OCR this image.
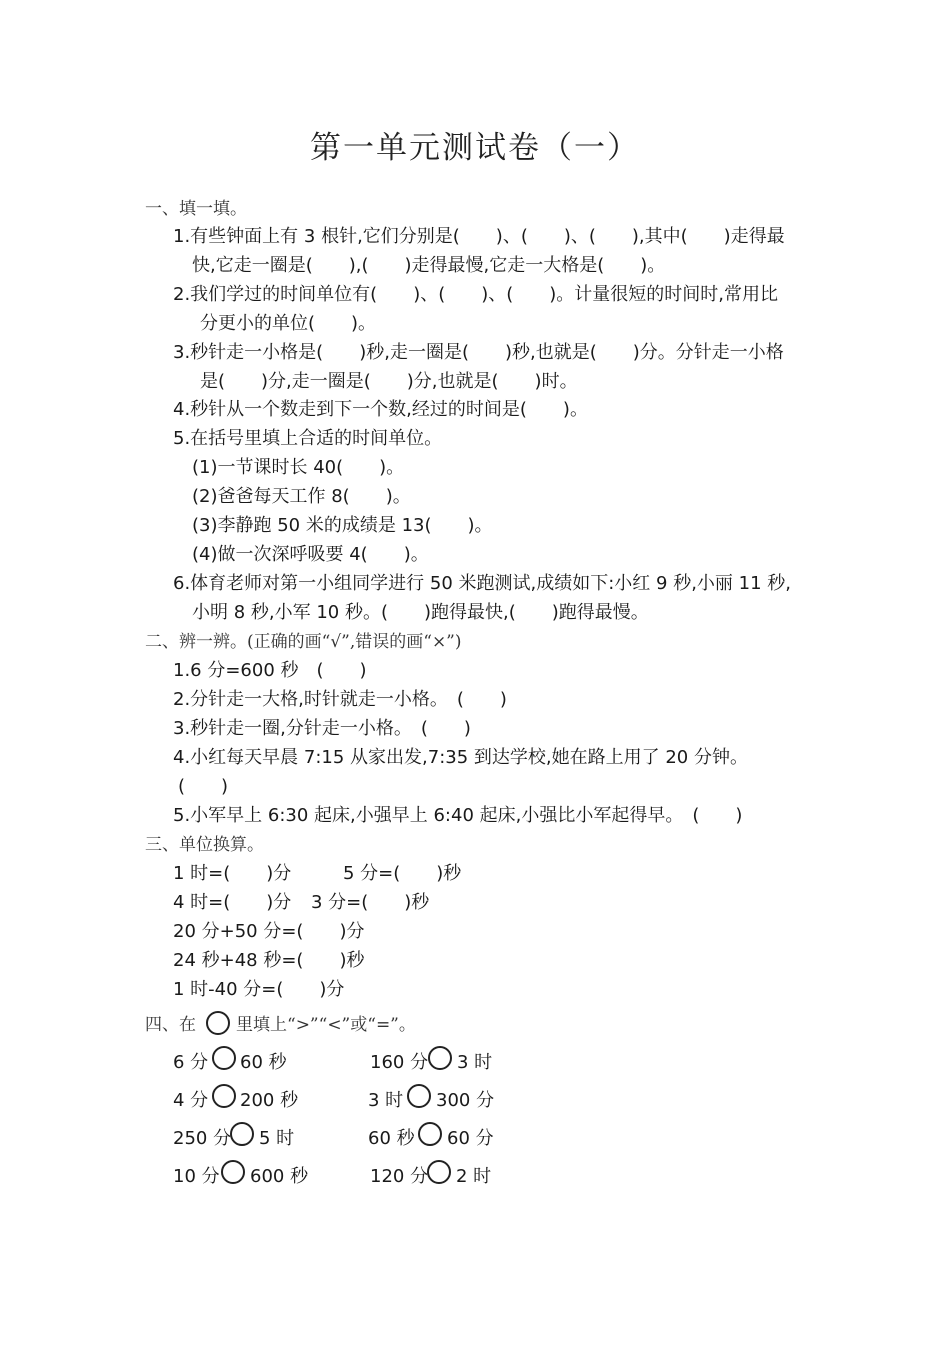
第一单元测试卷（一）
一、填一填。
1.有些钟面上有 3 根针,它们分别是(　　)、(　　)、(　　),其中(　　)走得最
快,它走一圈是(　　),(　　)走得最慢,它走一大格是(　　)。
2.我们学过的时间单位有(　　)、(　　)、(　　)。计量很短的时间时,常用比
分更小的单位(　　)。
3.秒针走一小格是(　　)秒,走一圈是(　　)秒,也就是(　　)分。分针走一小格
是(　　)分,走一圈是(　　)分,也就是(　　)时。
4.秒针从一个数走到下一个数,经过的时间是(　　)。
5.在括号里填上合适的时间单位。
(1)一节课时长 40(　　)。
(2)爸爸每天工作 8(　　)。
(3)李静跑 50 米的成绩是 13(　　)。
(4)做一次深呼吸要 4(　　)。
6.体育老师对第一小组同学进行 50 米跑测试,成绩如下:小红 9 秒,小丽 11 秒,
小明 8 秒,小军 10 秒。(　　)跑得最快,(　　)跑得最慢。
二、辨一辨。(正确的画“√”,错误的画“×”)
1.6 分=600 秒　(　　)
2.分针走一大格,时针就走一小格。　(　　)
3.秒针走一圈,分针走一小格。　(　　)
4.小红每天早晨 7:15 从家出发,7:35 到达学校,她在路上用了 20 分钟。
(　　)
5.小军早上 6:30 起床,小强早上 6:40 起床,小强比小军起得早。　(　　)
三、单位换算。
1 时=(　　)分	5 分=(　　)秒
4 时=(　　)分 3 分=(　　)秒
20 分+50 分=(　　)分
24 秒+48 秒=(　　)秒
1 时-40 分=(　　)分
四、在 里填上“>”“<”或“=”。
6 分 60 秒	160 分 3 时
4 分 200 秒	3 时 300 分
250 分 5 时	60 秒 60 分
10 分 600 秒	120 分 2 时
